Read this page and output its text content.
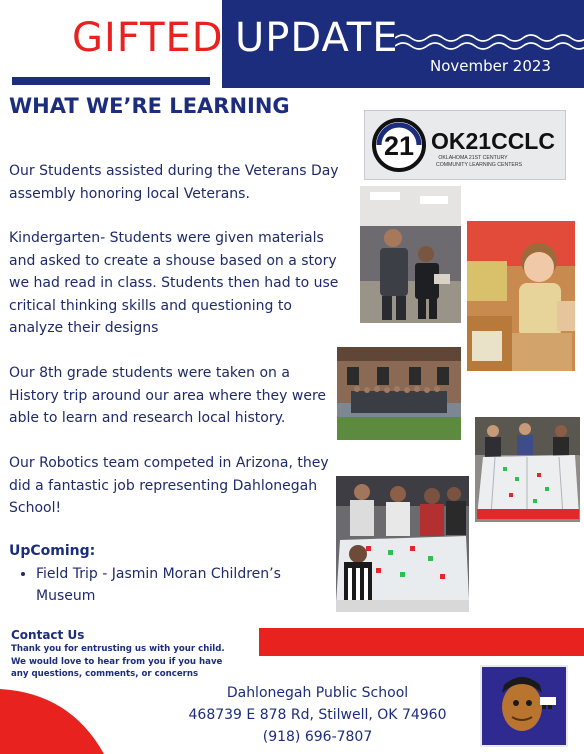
GIFTED UPDATE
November 2023
WHAT WE’RE LEARNING
Our Students assisted during the Veterans Day assembly honoring local Veterans.
Kindergarten- Students were given materials and asked to create a shouse based on a story we had read in class. Students then had to use critical thinking skills and questioning to analyze their designs
Our 8th grade students were taken on a History trip around our area where they were able to learn and research local history.
Our Robotics team competed in Arizona, they did a fantastic job representing Dahlonegah School!
UpComing:
• Field Trip - Jasmin Moran Children’s Museum
21 OK21CCLC
OKLAHOMA 21ST CENTURY
COMMUNITY LEARNING CENTERS
Contact Us
Thank you for entrusting us with your child. We would love to hear from you if you have any questions, comments, or concerns
Dahlonegah Public School
468739 E 878 Rd, Stilwell, OK 74960
(918) 696-7807
